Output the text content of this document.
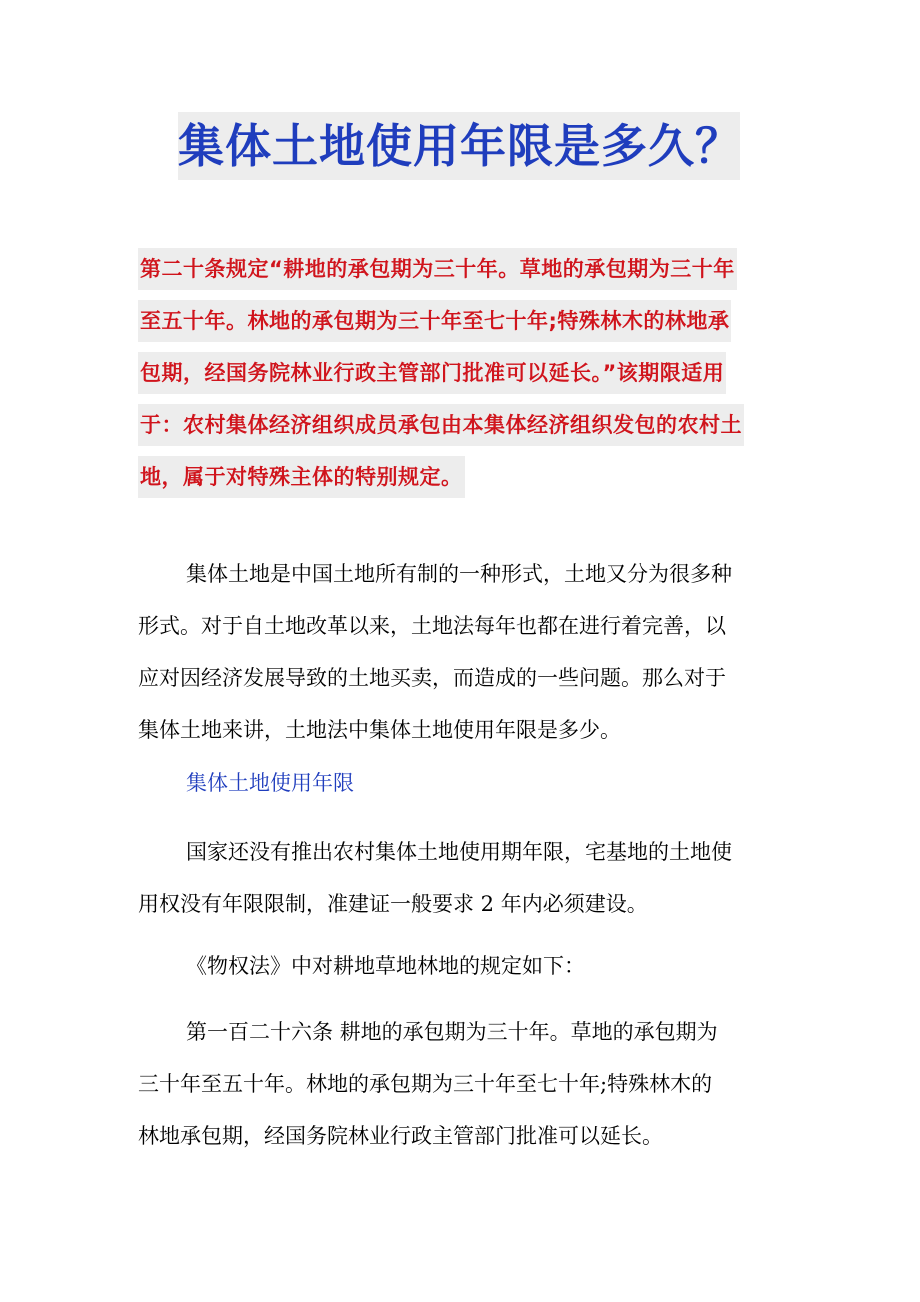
集体土地使用年限是多久？
第二十条规定“耕地的承包期为三十年。草地的承包期为三十年
至五十年。林地的承包期为三十年至七十年;特殊林木的林地承
包期，经国务院林业行政主管部门批准可以延长。”该期限适用
于：农村集体经济组织成员承包由本集体经济组织发包的农村土
地，属于对特殊主体的特别规定。
集体土地是中国土地所有制的一种形式，土地又分为很多种
形式。对于自土地改革以来，土地法每年也都在进行着完善，以
应对因经济发展导致的土地买卖，而造成的一些问题。那么对于
集体土地来讲，土地法中集体土地使用年限是多少。
集体土地使用年限
国家还没有推出农村集体土地使用期年限，宅基地的土地使
用权没有年限限制，准建证一般要求 2 年内必须建设。
《物权法》中对耕地草地林地的规定如下：
第一百二十六条 耕地的承包期为三十年。草地的承包期为
三十年至五十年。林地的承包期为三十年至七十年;特殊林木的
林地承包期，经国务院林业行政主管部门批准可以延长。
